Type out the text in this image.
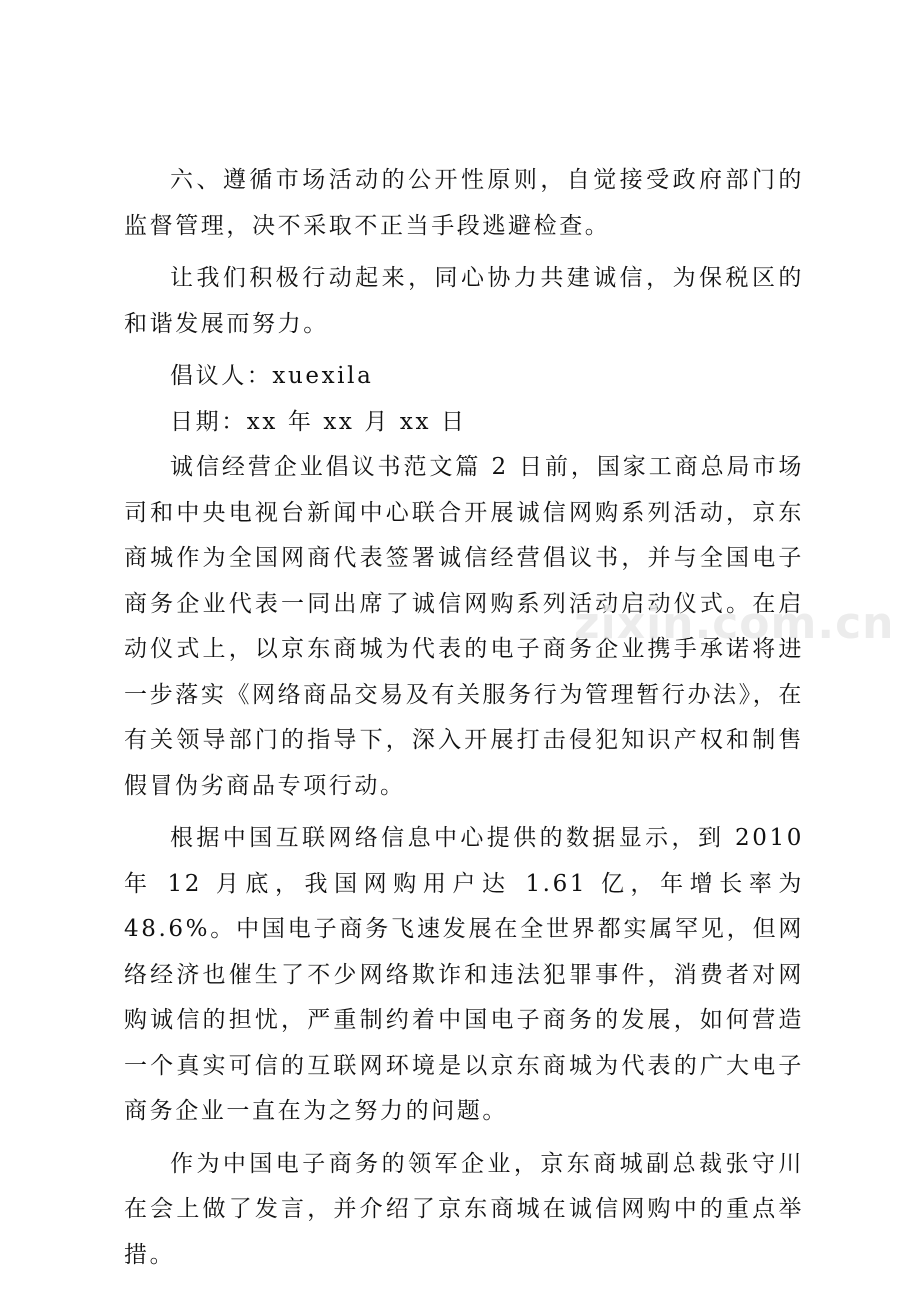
六、遵循市场活动的公开性原则，自觉接受政府部门的监督管理，决不采取不正当手段逃避检查。

让我们积极行动起来，同心协力共建诚信，为保税区的和谐发展而努力。

倡议人：xuexila

日期：xx 年 xx 月 xx 日

诚信经营企业倡议书范文篇 2 日前，国家工商总局市场司和中央电视台新闻中心联合开展诚信网购系列活动，京东商城作为全国网商代表签署诚信经营倡议书，并与全国电子商务企业代表一同出席了诚信网购系列活动启动仪式。在启动仪式上，以京东商城为代表的电子商务企业携手承诺将进一步落实《网络商品交易及有关服务行为管理暂行办法》，在有关领导部门的指导下，深入开展打击侵犯知识产权和制售假冒伪劣商品专项行动。

根据中国互联网络信息中心提供的数据显示，到 2010 年 12 月底，我国网购用户达 1.61 亿，年增长率为 48.6%。中国电子商务飞速发展在全世界都实属罕见，但网络经济也催生了不少网络欺诈和违法犯罪事件，消费者对网购诚信的担忧，严重制约着中国电子商务的发展，如何营造一个真实可信的互联网环境是以京东商城为代表的广大电子商务企业一直在为之努力的问题。

作为中国电子商务的领军企业，京东商城副总裁张守川在会上做了发言，并介绍了京东商城在诚信网购中的重点举措。

zixin.com.cn
